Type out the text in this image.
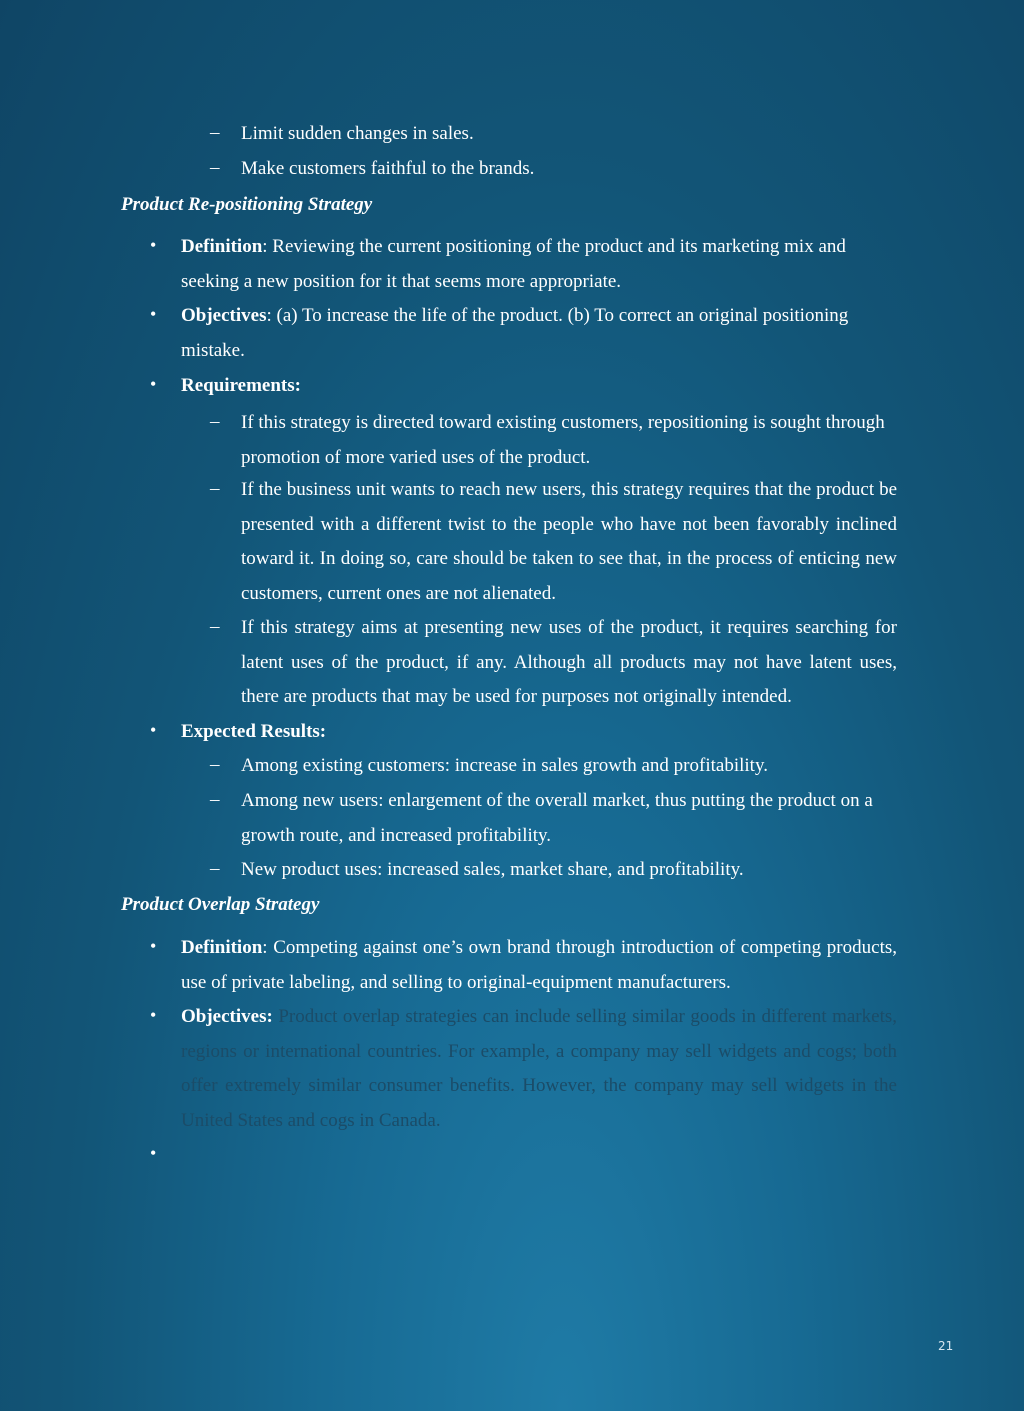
–
Limit sudden changes in sales.
–
Make customers faithful to the brands.
Product Re-positioning Strategy
•
Definition: Reviewing the current positioning of the product and its marketing mix and seeking a new position for it that seems more appropriate.
•
Objectives: (a) To increase the life of the product. (b) To correct an original positioning mistake.
•
Requirements:
–
If this strategy is directed toward existing customers, repositioning is sought through promotion of more varied uses of the product.
–
If the business unit wants to reach new users, this strategy requires that the product be presented with a different twist to the people who have not been favorably inclined toward it. In doing so, care should be taken to see that, in the process of enticing new customers, current ones are not alienated.
–
If this strategy aims at presenting new uses of the product, it requires searching for latent uses of the product, if any. Although all products may not have latent uses, there are products that may be used for purposes not originally intended.
•
Expected Results:
–
Among existing customers: increase in sales growth and profitability.
–
Among new users: enlargement of the overall market, thus putting the product on a growth route, and increased profitability.
–
New product uses: increased sales, market share, and profitability.
Product Overlap Strategy
•
Definition: Competing against one’s own brand through introduction of competing products, use of private labeling, and selling to original-equipment manufacturers.
•
Objectives: Product overlap strategies can include selling similar goods in different markets, regions or international countries. For example, a company may sell widgets and cogs; both offer extremely similar consumer benefits. However, the company may sell widgets in the United States and cogs in Canada.
•
21
